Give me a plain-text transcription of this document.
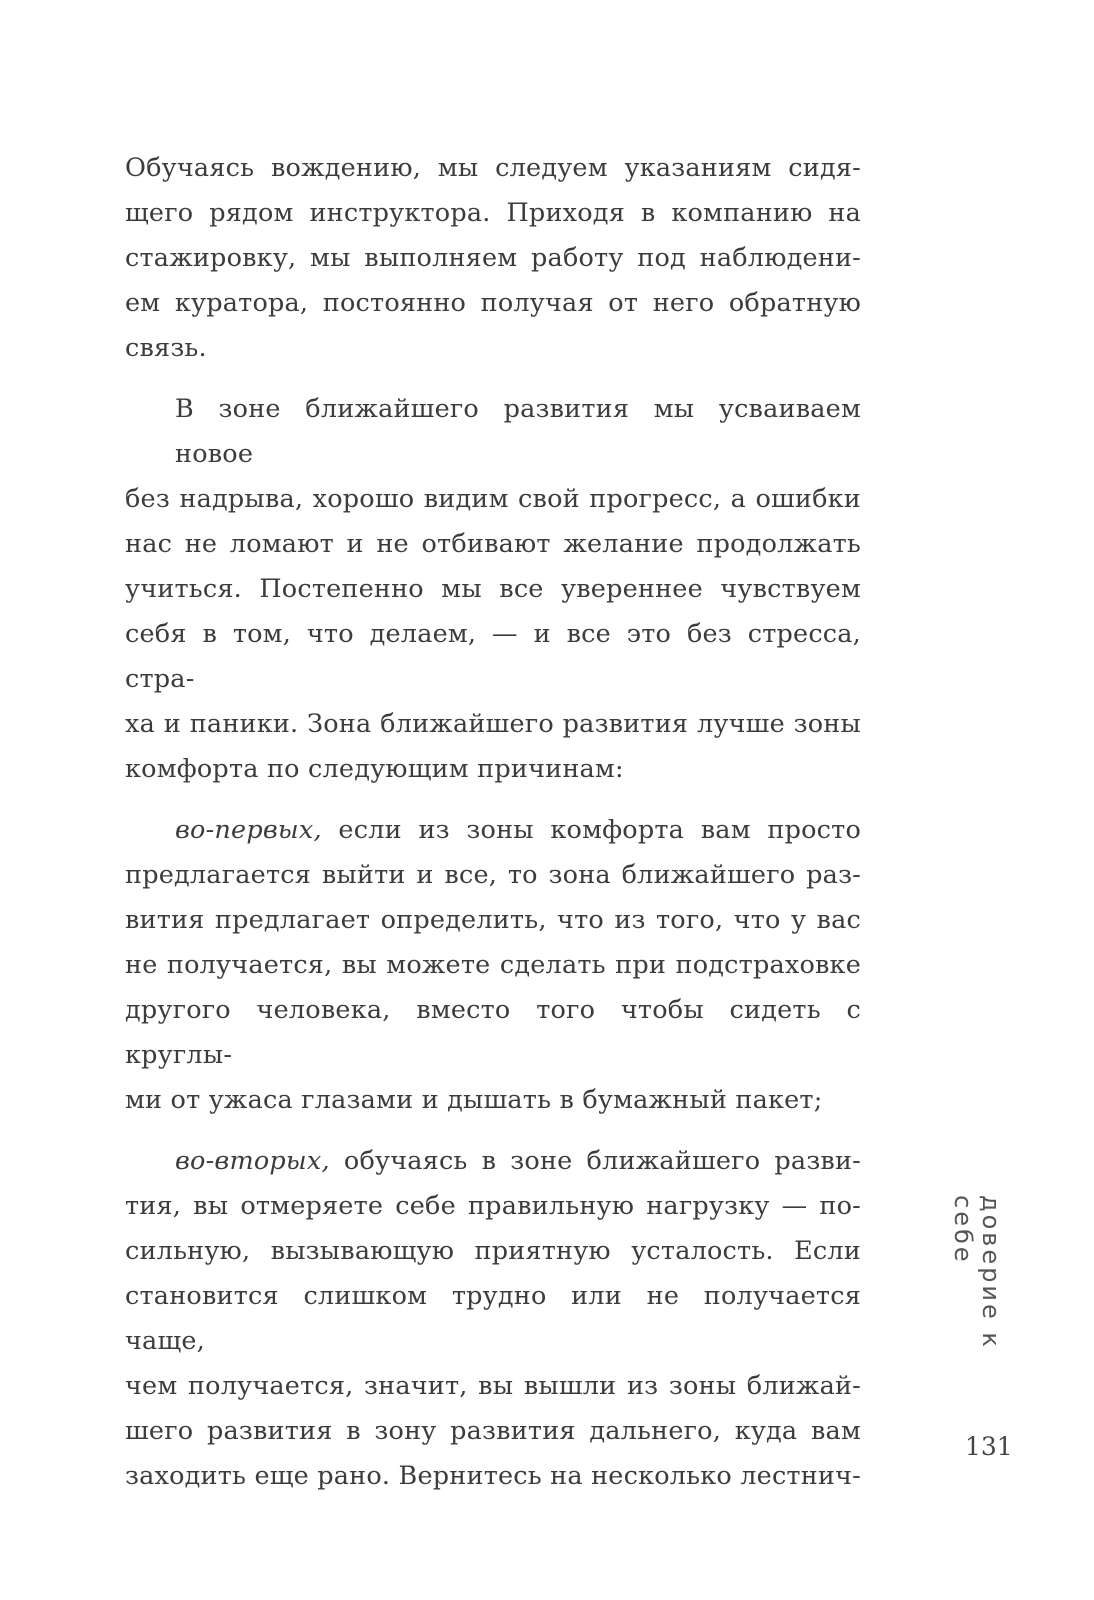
Обучаясь вождению, мы следуем указаниям сидя-
щего рядом инструктора. Приходя в компанию на
стажировку, мы выполняем работу под наблюдени-
ем куратора, постоянно получая от него обратную
связь.
В зоне ближайшего развития мы усваиваем новое
без надрыва, хорошо видим свой прогресс, а ошибки
нас не ломают и не отбивают желание продолжать
учиться. Постепенно мы все увереннее чувствуем
себя в том, что делаем, — и все это без стресса, стра-
ха и паники. Зона ближайшего развития лучше зоны
комфорта по следующим причинам:
во-первых, если из зоны комфорта вам просто
предлагается выйти и все, то зона ближайшего раз-
вития предлагает определить, что из того, что у вас
не получается, вы можете сделать при подстраховке
другого человека, вместо того чтобы сидеть с круглы-
ми от ужаса глазами и дышать в бумажный пакет;
во-вторых, обучаясь в зоне ближайшего разви-
тия, вы отмеряете себе правильную нагрузку — по-
сильную, вызывающую приятную усталость. Если
становится слишком трудно или не получается чаще,
чем получается, значит, вы вышли из зоны ближай-
шего развития в зону развития дальнего, куда вам
заходить еще рано. Вернитесь на несколько лестнич-
доверие к себе
131
